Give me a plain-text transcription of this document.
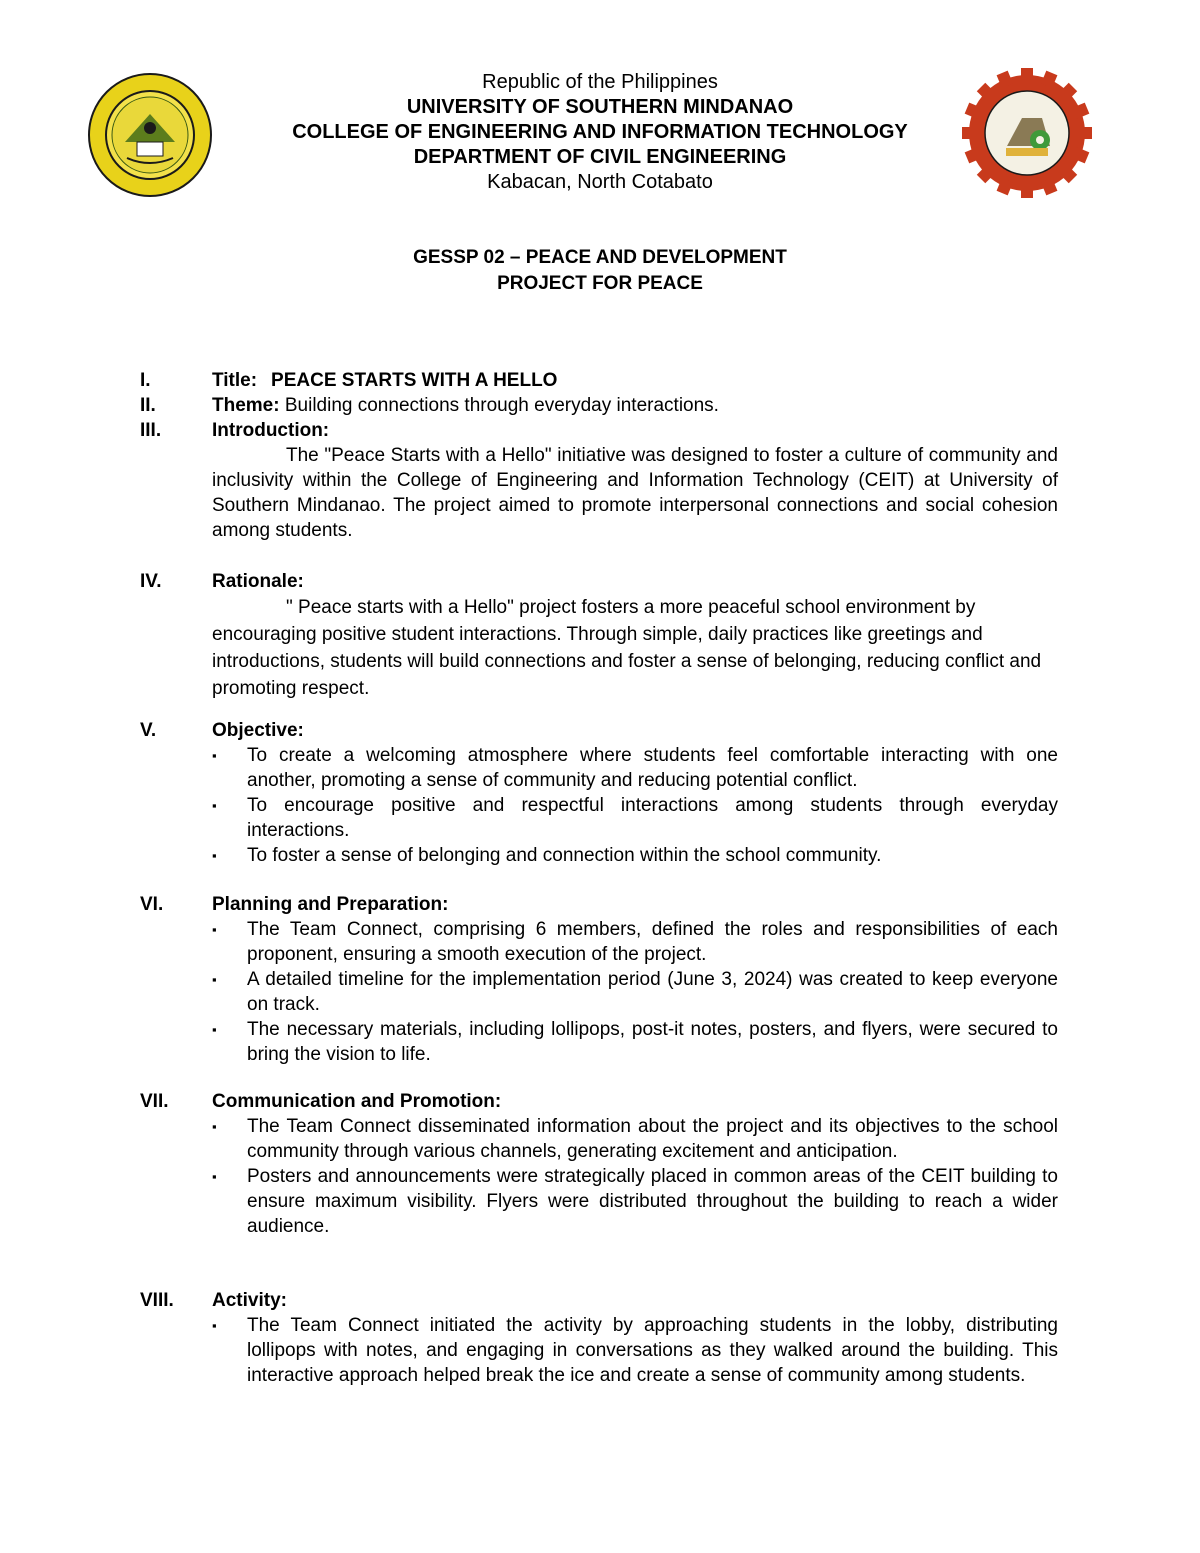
Republic of the Philippines
UNIVERSITY OF SOUTHERN MINDANAO
COLLEGE OF ENGINEERING AND INFORMATION TECHNOLOGY
DEPARTMENT OF CIVIL ENGINEERING
Kabacan, North Cotabato
GESSP 02 – PEACE AND DEVELOPMENT
PROJECT FOR PEACE
I.	Title: PEACE STARTS WITH A HELLO
II.	Theme: Building connections through everyday interactions.
III.	Introduction:
The "Peace Starts with a Hello" initiative was designed to foster a culture of community and inclusivity within the College of Engineering and Information Technology (CEIT) at University of Southern Mindanao. The project aimed to promote interpersonal connections and social cohesion among students.
IV.	Rationale:
" Peace starts with a Hello" project fosters a more peaceful school environment by encouraging positive student interactions. Through simple, daily practices like greetings and introductions, students will build connections and foster a sense of belonging, reducing conflict and promoting respect.
V.	Objective:
▪ To create a welcoming atmosphere where students feel comfortable interacting with one another, promoting a sense of community and reducing potential conflict.
▪ To encourage positive and respectful interactions among students through everyday interactions.
▪ To foster a sense of belonging and connection within the school community.
VI.	Planning and Preparation:
▪ The Team Connect, comprising 6 members, defined the roles and responsibilities of each proponent, ensuring a smooth execution of the project.
▪ A detailed timeline for the implementation period (June 3, 2024) was created to keep everyone on track.
▪ The necessary materials, including lollipops, post-it notes, posters, and flyers, were secured to bring the vision to life.
VII.	Communication and Promotion:
▪ The Team Connect disseminated information about the project and its objectives to the school community through various channels, generating excitement and anticipation.
▪ Posters and announcements were strategically placed in common areas of the CEIT building to ensure maximum visibility. Flyers were distributed throughout the building to reach a wider audience.
VIII.	Activity:
▪ The Team Connect initiated the activity by approaching students in the lobby, distributing lollipops with notes, and engaging in conversations as they walked around the building. This interactive approach helped break the ice and create a sense of community among students.
